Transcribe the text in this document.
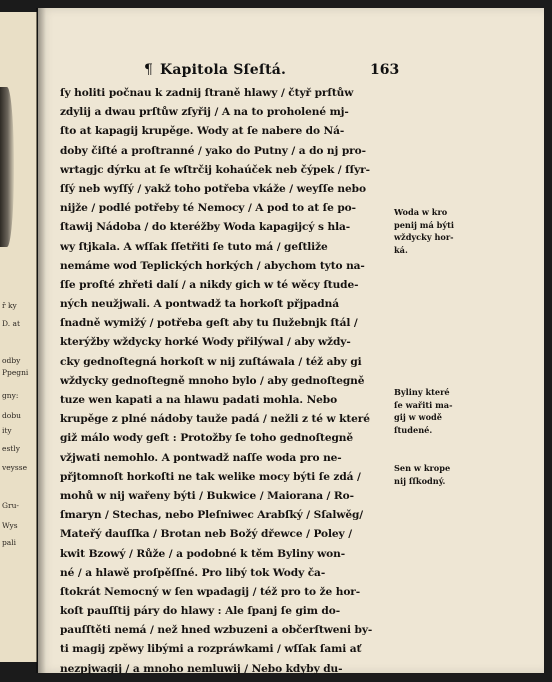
ř ky
D. at
odby
Ppegni
gny:
dobu
ity
estly
veysse
Gru-
Wys
pali
¶ Kapitola Sſeſtá.	163
ſy holiti počnau k zadnij ſtraně hlawy / čtyř prſtůw
zdylij a dwau prſtůw zſyřij / A na to proholené mj-
ſto at kapagij krupěge. Wody at ſe nabere do Ná-
doby čiſté a proſtranné / yako do Putny / a do nj pro-
wrtagjc dýrku at ſe wſtrčij kohaúček neb čýpek / ſſyr-
ſſý neb wyſſý / yakž toho potřeba vkáže / weyſſe nebo
nijže / podlé potřeby té Nemocy / A pod to at ſe po-
ſtawij Nádoba / do kteréžby Woda kapagijcý s hla-
wy ſtjkala. A wſſak ſſetřiti ſe tuto má / geſtliže
nemáme wod Teplických horkých / abychom tyto na-
ſſe proſté zhřeti dalí / a nikdy gich w té wěcy ſtude-
ných neužjwali. A pontwadž ta horkoſt přjpadná
ſnadně wymižý / potřeba geſt aby tu ſlužebnjk ſtál /
kterýžby wždycky horké Wody přilýwal / aby wždy-
cky gednoſtegná horkoſt w nij zuſtáwala / též aby gi
wždycky gednoſtegně mnoho bylo / aby gednoſtegně
tuze wen kapati a na hlawu padati mohla. Nebo
krupěge z plné nádoby tauže padá / nežli z té w které
giž málo wody geſt : Protožby ſe toho gednoſtegně
vžjwati nemohlo. A pontwadž naſſe woda pro ne-
přjtomnoſt horkoſti ne tak welike mocy býti ſe zdá /
mohů w nij wařeny býti / Bukwice / Maiorana / Ro-
ſmaryn / Stechas, nebo Pleſniwec Arabſký / Sſalwěg/
Mateřý dauſſka / Brotan neb Božý dřewce / Poley /
kwit Bzowý / Růže / a podobné k těm Byliny won-
né / a hlawě proſpěſſné. Pro libý tok Wody ča-
ſtokrát Nemocný w ſen wpadagij / též pro to že hor-
koſt pauſſtij páry do hlawy : Ale ſpanj ſe gim do-
pauſſtěti nemá / než hned wzbuzeni a občerſtweni by-
ti magij zpěwy libými a rozpráwkami / wſſak ſami ať
nezpjwagij / a mnoho nemluwij / Nebo kdyby du-
Woda w kro
penij má býti
wždycky hor-
ká.
Byliny které
ſe wařiti ma-
gij w wodě
ſtudené.
Sen w krope
nij ſſkodný.
